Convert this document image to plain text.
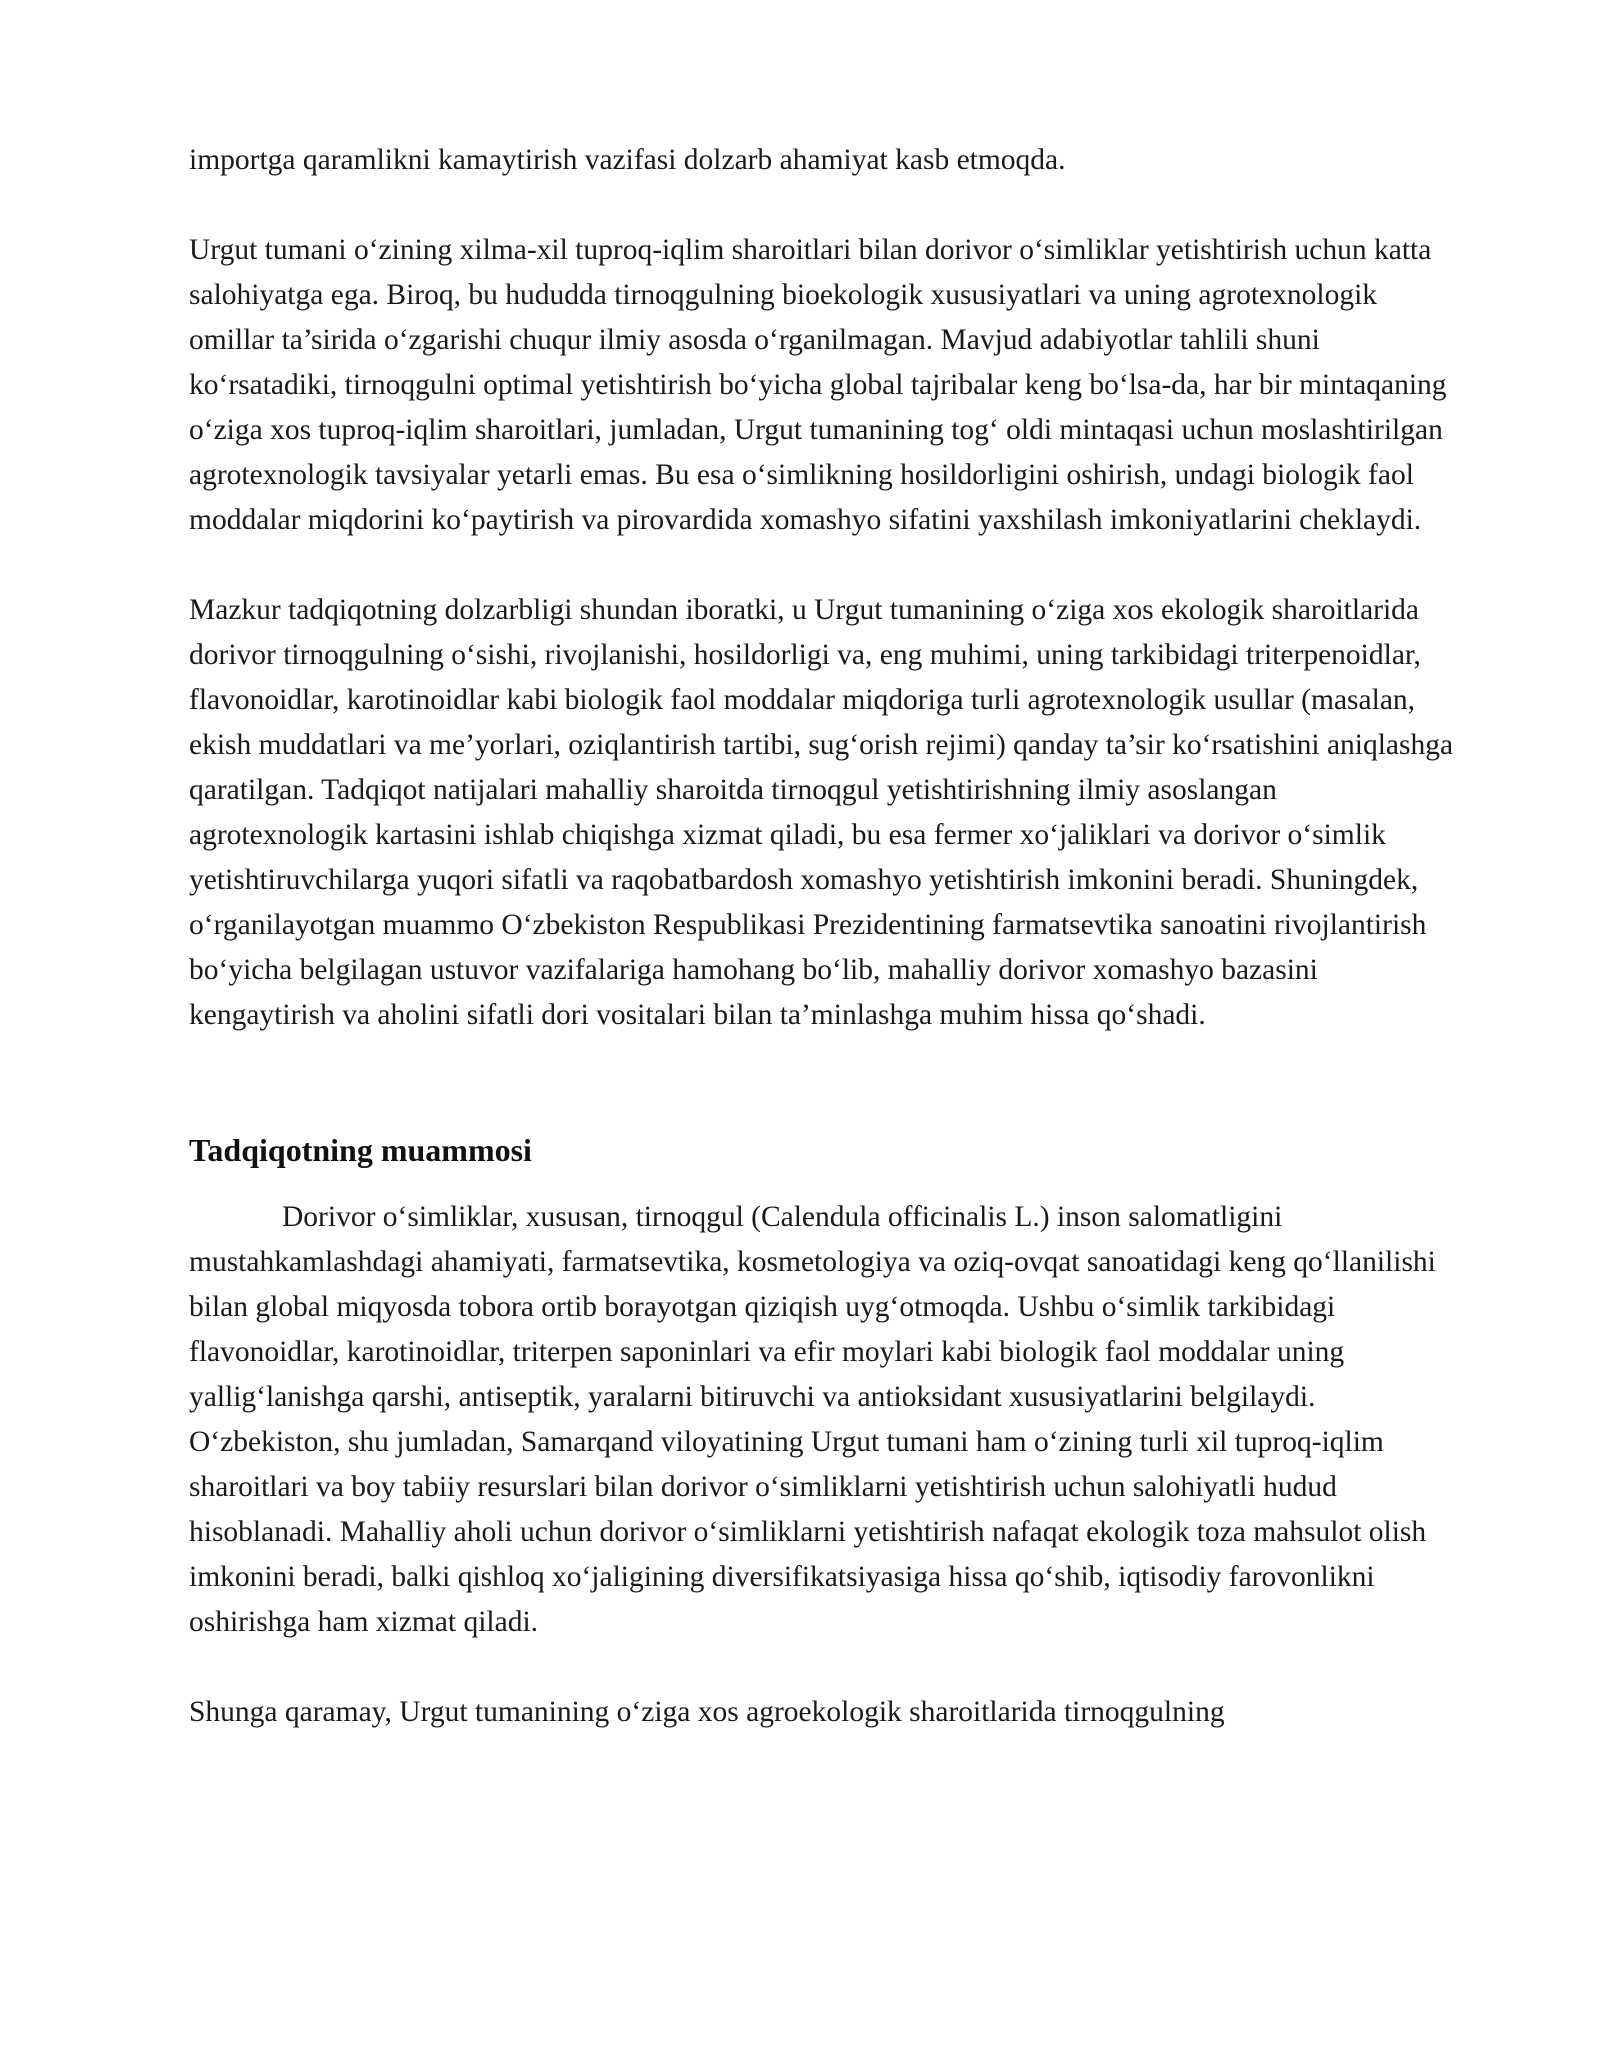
importga qaramlikni kamaytirish vazifasi dolzarb ahamiyat kasb etmoqda.

Urgut tumani o‘zining xilma-xil tuproq-iqlim sharoitlari bilan dorivor o‘simliklar yetishtirish uchun katta salohiyatga ega. Biroq, bu hududda tirnoqgulning bioekologik xususiyatlari va uning agrotexnologik omillar ta’sirida o‘zgarishi chuqur ilmiy asosda o‘rganilmagan. Mavjud adabiyotlar tahlili shuni ko‘rsatadiki, tirnoqgulni optimal yetishtirish bo‘yicha global tajribalar keng bo‘lsa-da, har bir mintaqaning o‘ziga xos tuproq-iqlim sharoitlari, jumladan, Urgut tumanining tog‘ oldi mintaqasi uchun moslashtirilgan agrotexnologik tavsiyalar yetarli emas. Bu esa o‘simlikning hosildorligini oshirish, undagi biologik faol moddalar miqdorini ko‘paytirish va pirovardida xomashyo sifatini yaxshilash imkoniyatlarini cheklaydi.

Mazkur tadqiqotning dolzarbligi shundan iboratki, u Urgut tumanining o‘ziga xos ekologik sharoitlarida dorivor tirnoqgulning o‘sishi, rivojlanishi, hosildorligi va, eng muhimi, uning tarkibidagi triterpenoidlar, flavonoidlar, karotinoidlar kabi biologik faol moddalar miqdoriga turli agrotexnologik usullar (masalan, ekish muddatlari va me’yorlari, oziqlantirish tartibi, sug‘orish rejimi) qanday ta’sir ko‘rsatishini aniqlashga qaratilgan. Tadqiqot natijalari mahalliy sharoitda tirnoqgul yetishtirishning ilmiy asoslangan agrotexnologik kartasini ishlab chiqishga xizmat qiladi, bu esa fermer xo‘jaliklari va dorivor o‘simlik yetishtiruvchilarga yuqori sifatli va raqobatbardosh xomashyo yetishtirish imkonini beradi. Shuningdek, o‘rganilayotgan muammo O‘zbekiston Respublikasi Prezidentining farmatsevtika sanoatini rivojlantirish bo‘yicha belgilagan ustuvor vazifalariga hamohang bo‘lib, mahalliy dorivor xomashyo bazasini kengaytirish va aholini sifatli dori vositalari bilan ta’minlashga muhim hissa qo‘shadi.

Tadqiqotning muammosi

Dorivor o‘simliklar, xususan, tirnoqgul (Calendula officinalis L.) inson salomatligini mustahkamlashdagi ahamiyati, farmatsevtika, kosmetologiya va oziq-ovqat sanoatidagi keng qo‘llanilishi bilan global miqyosda tobora ortib borayotgan qiziqish uyg‘otmoqda. Ushbu o‘simlik tarkibidagi flavonoidlar, karotinoidlar, triterpen saponinlari va efir moylari kabi biologik faol moddalar uning yallig‘lanishga qarshi, antiseptik, yaralarni bitiruvchi va antioksidant xususiyatlarini belgilaydi. O‘zbekiston, shu jumladan, Samarqand viloyatining Urgut tumani ham o‘zining turli xil tuproq-iqlim sharoitlari va boy tabiiy resurslari bilan dorivor o‘simliklarni yetishtirish uchun salohiyatli hudud hisoblanadi. Mahalliy aholi uchun dorivor o‘simliklarni yetishtirish nafaqat ekologik toza mahsulot olish imkonini beradi, balki qishloq xo‘jaligining diversifikatsiyasiga hissa qo‘shib, iqtisodiy farovonlikni oshirishga ham xizmat qiladi.

Shunga qaramay, Urgut tumanining o‘ziga xos agroekologik sharoitlarida tirnoqgulning
